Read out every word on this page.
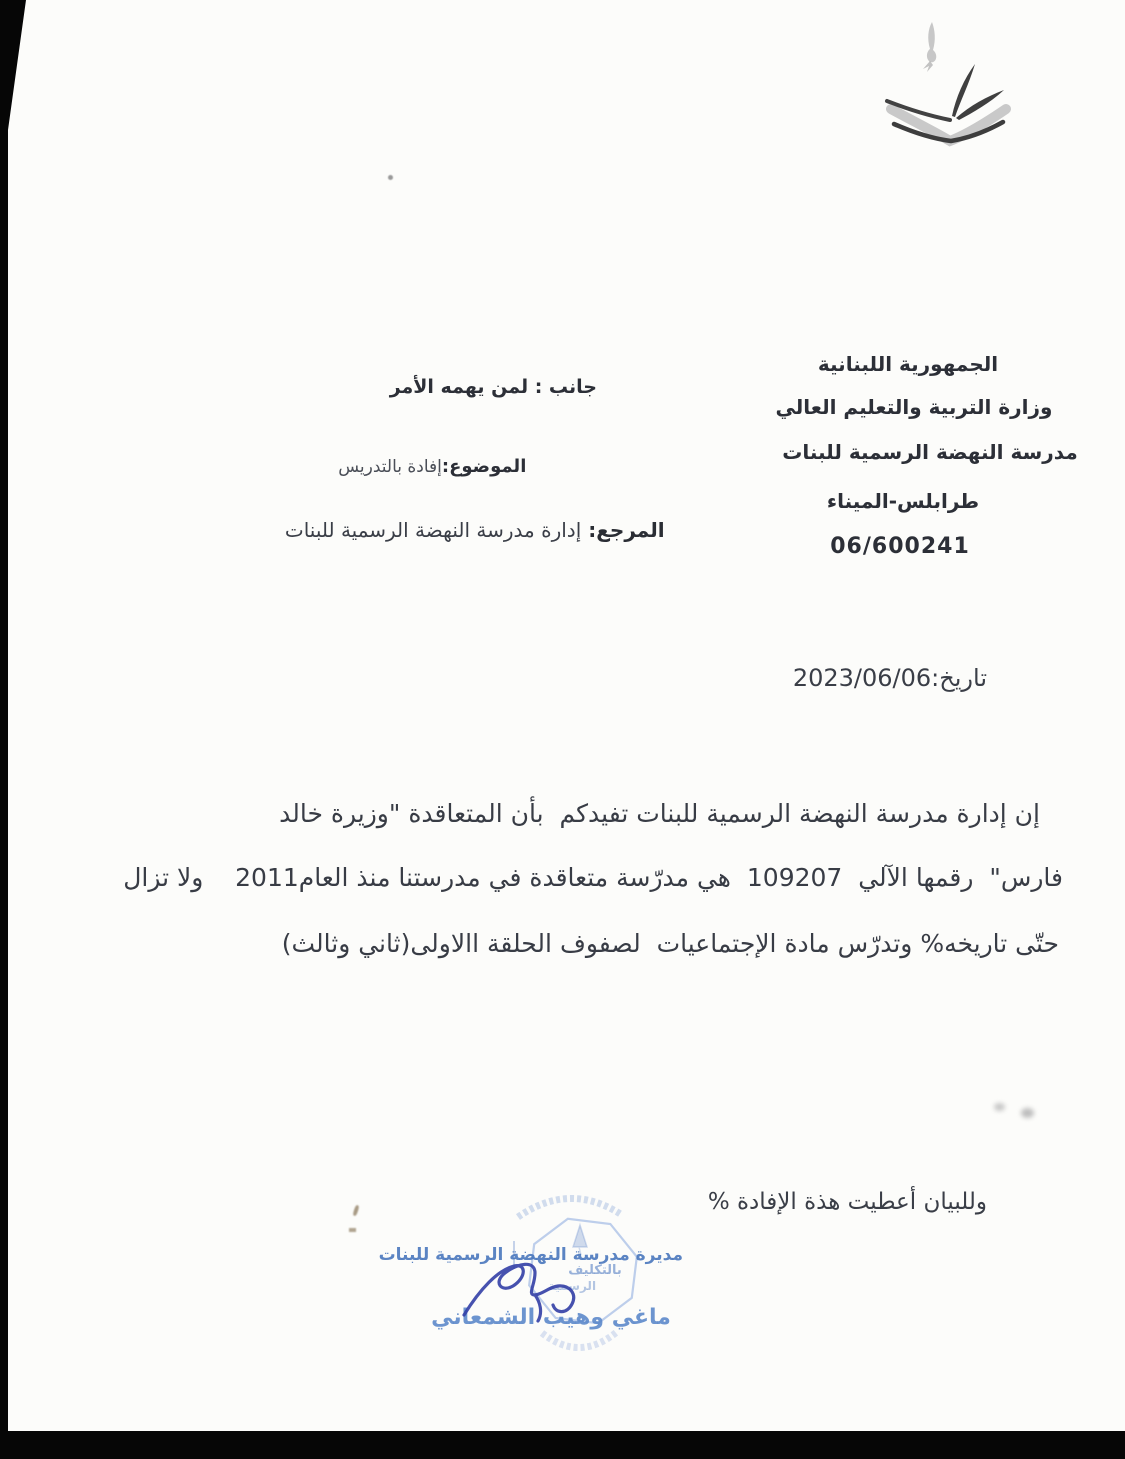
الجمهورية اللبنانية
وزارة التربية والتعليم العالي
مدرسة النهضة الرسمية للبنات
طرابلس-الميناء
06/600241
جانب : لمن يهمه الأمر

الموضوع:إفادة بالتدريس

المرجع:إدارة مدرسة النهضة الرسمية للبنات

تاريخ:2023/06/06
إن إدارة مدرسة النهضة الرسمية للبنات تفيدكم  بأن المتعاقدة "وزيرة خالد
فارس"  رقمها الآلي  109207  هي مدرّسة متعاقدة في مدرستنا منذ العام2011    ولا تزال
حتّى تاريخه% وتدرّس مادة الإجتماعيات  لصفوف الحلقة االاولى(ثاني وثالث)
وللبيان أعطيت هذة الإفادة %
مديرة مدرسة النهضة الرسمية للبنات
بالتكليف
الرسمية
ماغي وهيب الشمعاني
